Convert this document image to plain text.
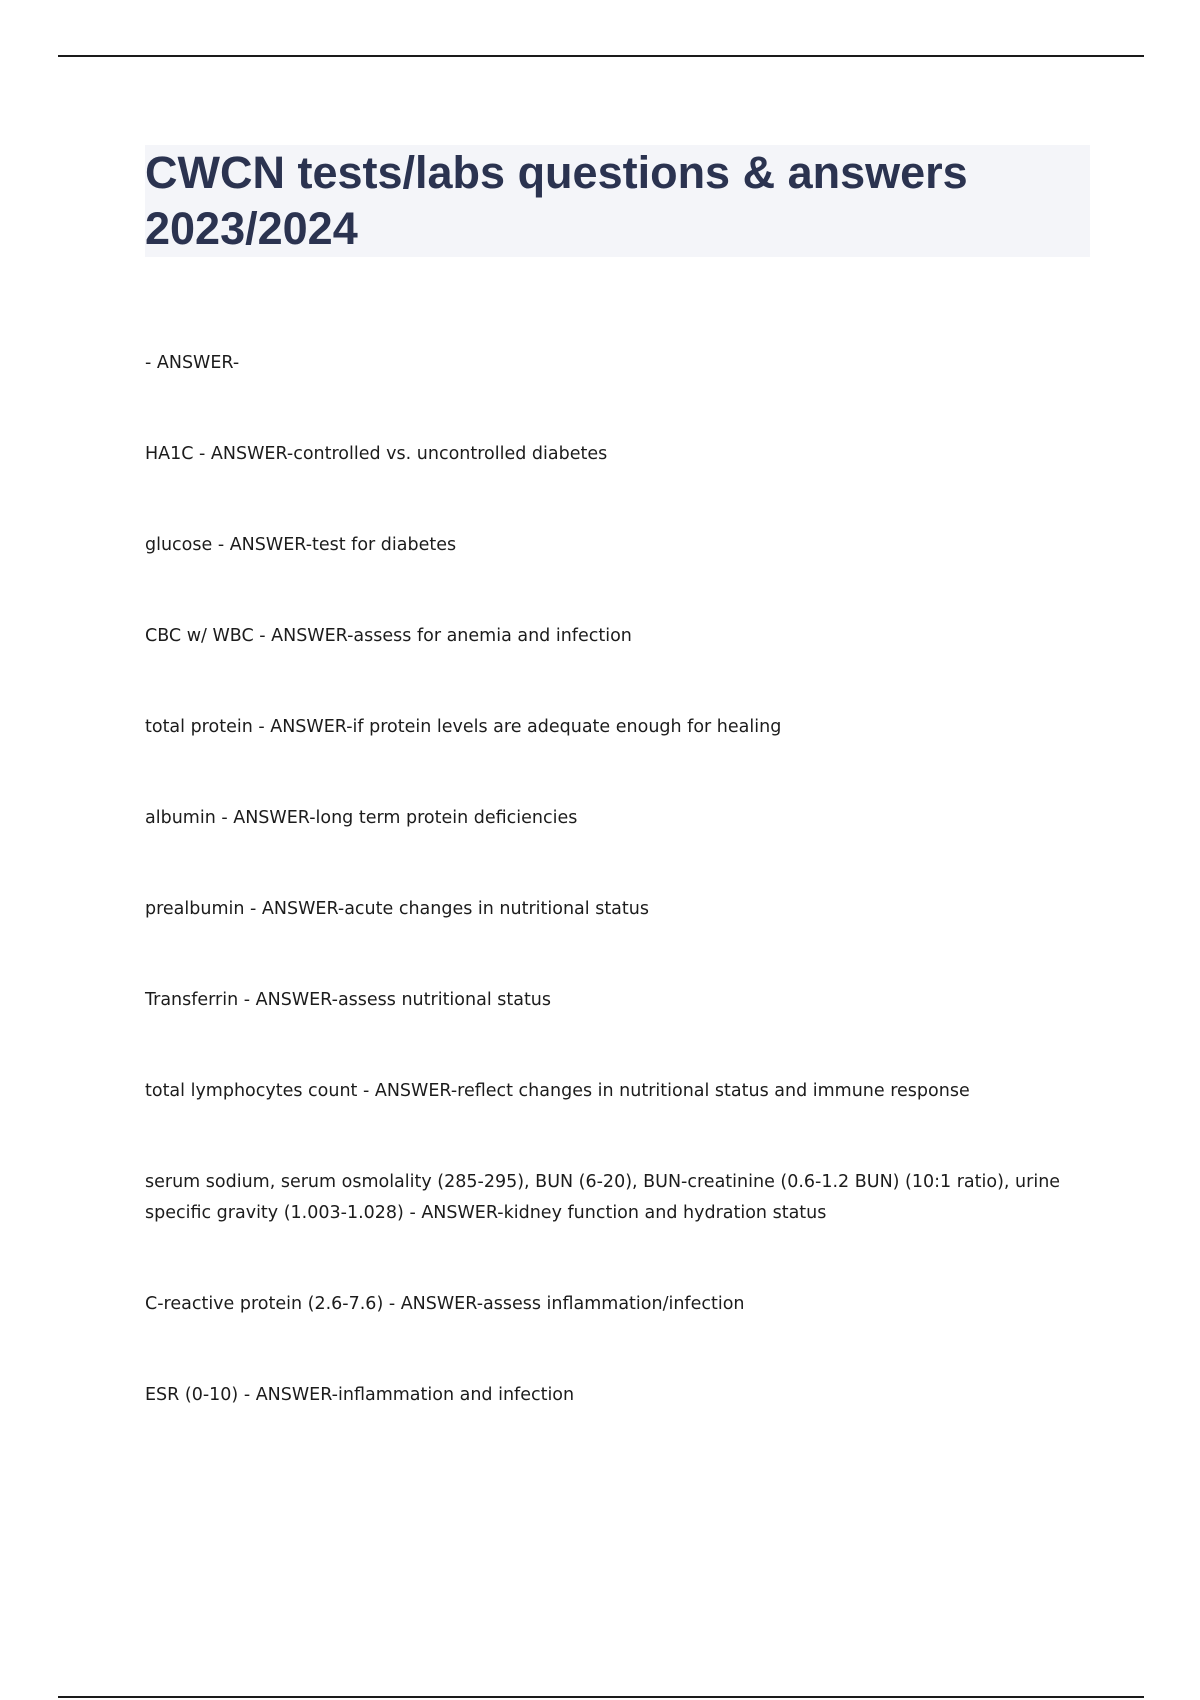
CWCN tests/labs questions & answers
2023/2024
- ANSWER-
HA1C - ANSWER-controlled vs. uncontrolled diabetes
glucose - ANSWER-test for diabetes
CBC w/ WBC - ANSWER-assess for anemia and infection
total protein - ANSWER-if protein levels are adequate enough for healing
albumin - ANSWER-long term protein deficiencies
prealbumin - ANSWER-acute changes in nutritional status
Transferrin - ANSWER-assess nutritional status
total lymphocytes count - ANSWER-reflect changes in nutritional status and immune response
serum sodium, serum osmolality (285-295), BUN (6-20), BUN-creatinine (0.6-1.2 BUN) (10:1 ratio), urine specific gravity (1.003-1.028) - ANSWER-kidney function and hydration status
C-reactive protein (2.6-7.6) - ANSWER-assess inflammation/infection
ESR (0-10) - ANSWER-inflammation and infection
